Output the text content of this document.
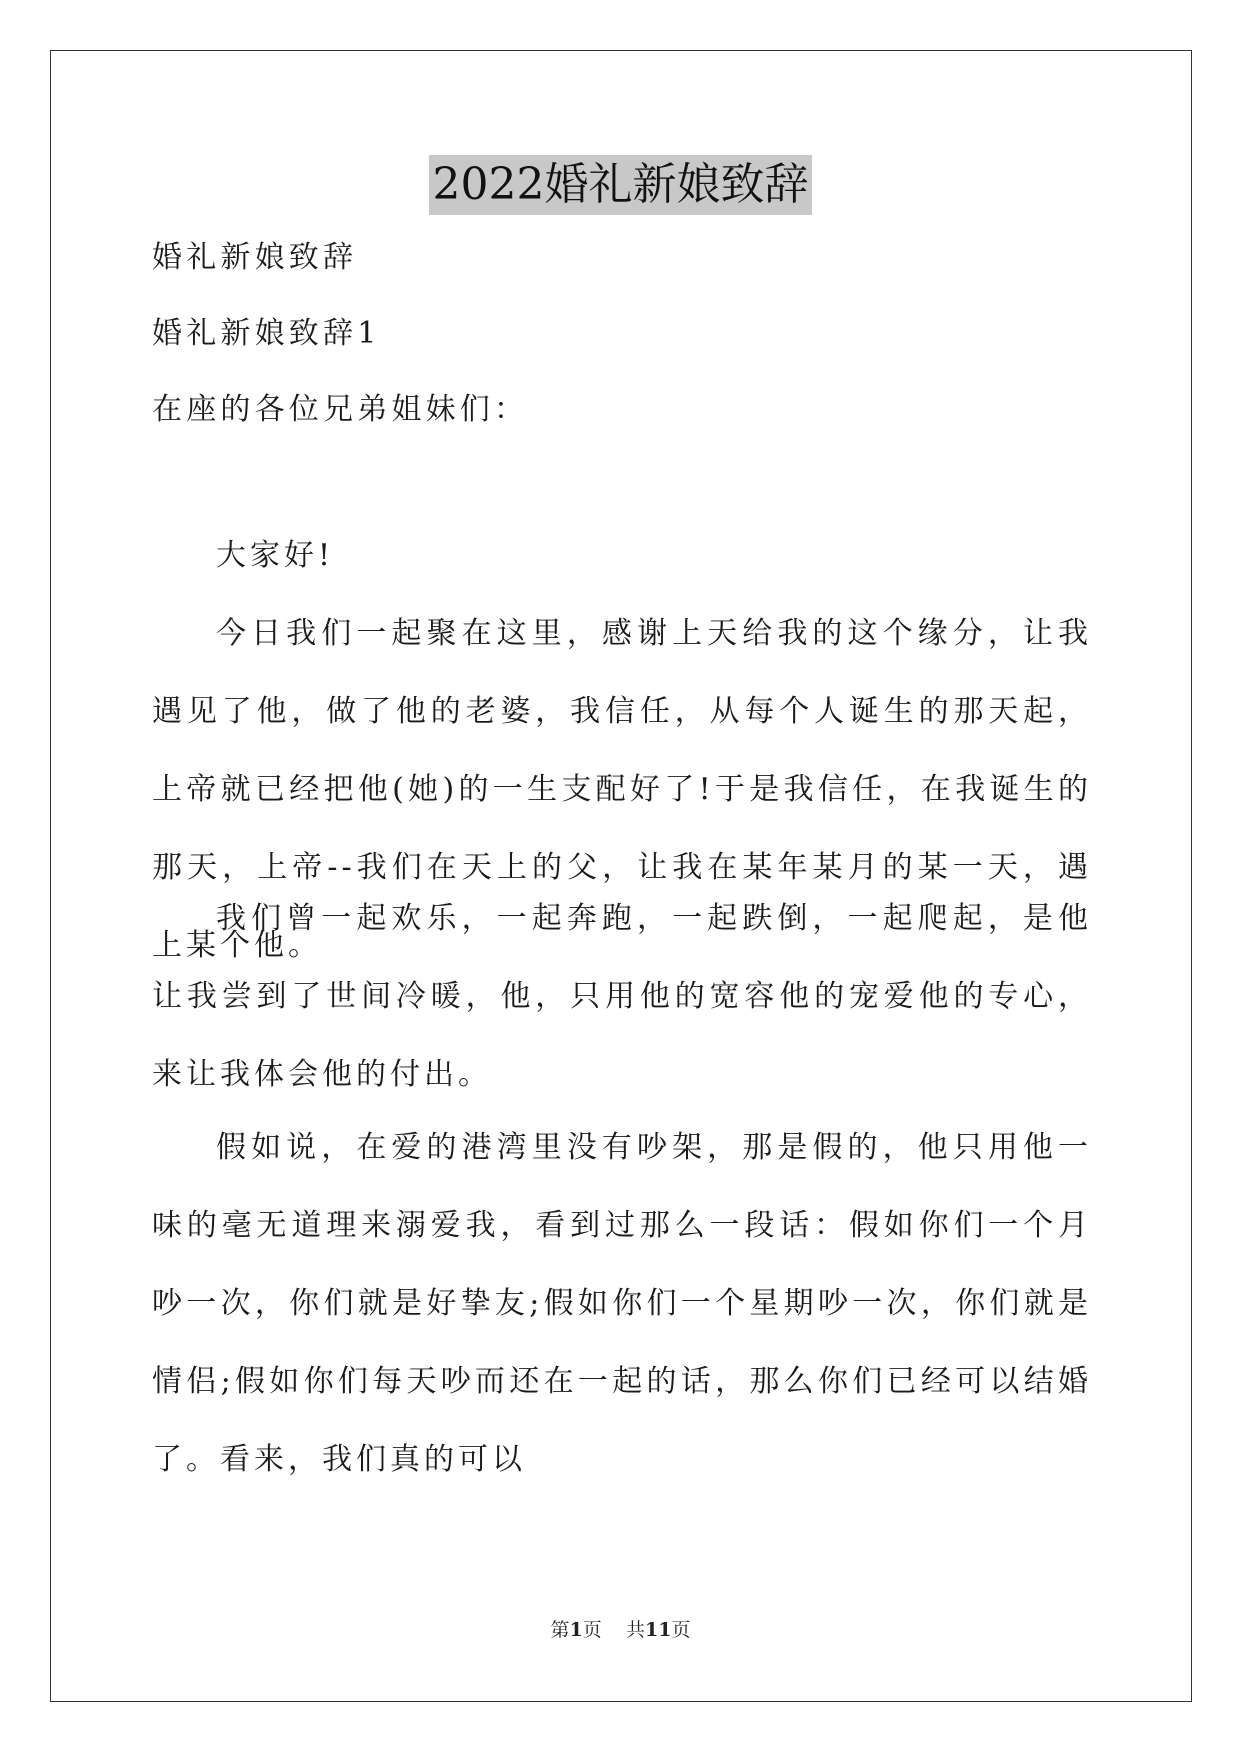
2022婚礼新娘致辞
婚礼新娘致辞
婚礼新娘致辞1
在座的各位兄弟姐妹们：
大家好!
今日我们一起聚在这里，感谢上天给我的这个缘分，让我遇见了他，做了他的老婆，我信任，从每个人诞生的那天起，上帝就已经把他(她)的一生支配好了!于是我信任，在我诞生的那天，上帝--我们在天上的父，让我在某年某月的某一天，遇上某个他。
我们曾一起欢乐，一起奔跑，一起跌倒，一起爬起，是他让我尝到了世间冷暖，他，只用他的宽容他的宠爱他的专心，来让我体会他的付出。
假如说，在爱的港湾里没有吵架，那是假的，他只用他一味的毫无道理来溺爱我，看到过那么一段话：假如你们一个月吵一次，你们就是好挚友;假如你们一个星期吵一次，你们就是情侣;假如你们每天吵而还在一起的话，那么你们已经可以结婚了。看来，我们真的可以
第1页 共11页
